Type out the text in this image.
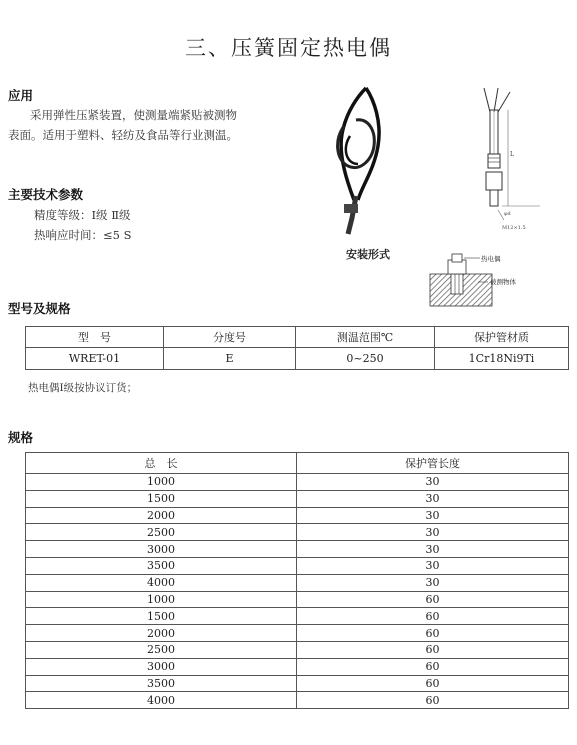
三、压簧固定热电偶
应用
采用弹性压紧装置，使测量端紧贴被测物
表面。适用于塑料、轻纺及食品等行业测温。
主要技术参数
精度等级：Ⅰ级 Ⅱ级
热响应时间：≤5 S
L
φd
M12×1.5
安装形式	热电偶
被测物体
型号及规格
型　号	分度号	测温范围℃	保护管材质
WRET-01	E	0~250	1Cr18Ni9Ti
热电偶Ⅰ级按协议订货；
规格
总　长	保护管长度
1000	30
1500	30
2000	30
2500	30
3000	30
3500	30
4000	30
1000	60
1500	60
2000	60
2500	60
3000	60
3500	60
4000	60
